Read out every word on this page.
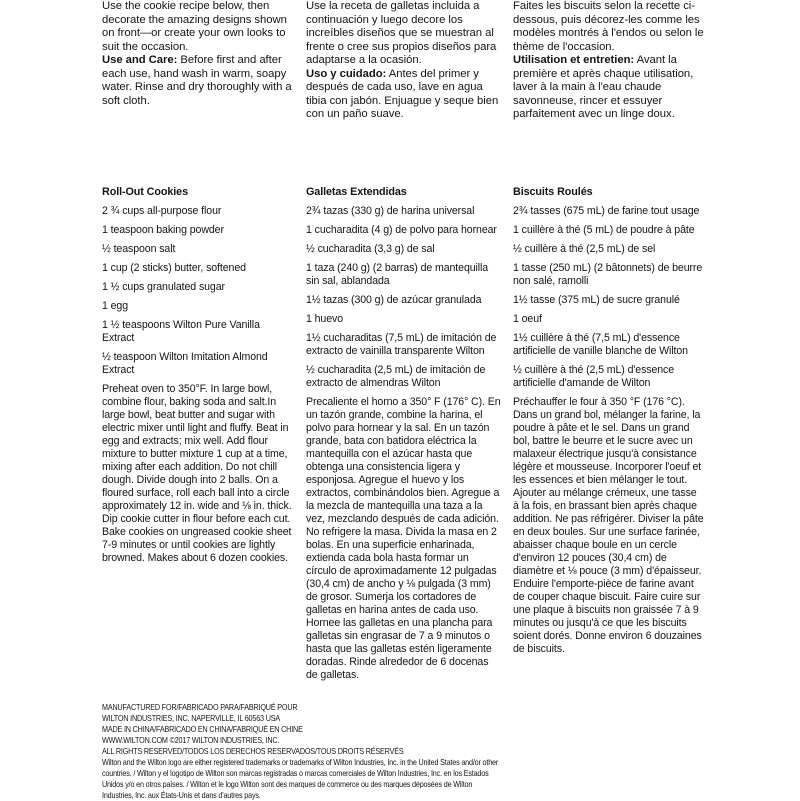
Use the cookie recipe below, then decorate the amazing designs shown on front—or create your own looks to suit the occasion.

Use and Care: Before first and after each use, hand wash in warm, soapy water. Rinse and dry thoroughly with a soft cloth.

Roll-Out Cookies

2 ¾ cups all-purpose flour

1 teaspoon baking powder

½ teaspoon salt

1 cup (2 sticks) butter, softened

1 ½ cups granulated sugar

1 egg

1 ½ teaspoons Wilton Pure Vanilla Extract

½ teaspoon Wilton Imitation Almond Extract

Preheat oven to 350°F. In large bowl, combine flour, baking soda and salt.In large bowl, beat butter and sugar with electric mixer until light and fluffy. Beat in egg and extracts; mix well. Add flour mixture to butter mixture 1 cup at a time, mixing after each addition. Do not chill dough. Divide dough into 2 balls. On a floured surface, roll each ball into a circle approximately 12 in. wide and ⅛ in. thick. Dip cookie cutter in flour before each cut. Bake cookies on ungreased cookie sheet 7-9 minutes or until cookies are lightly browned. Makes about 6 dozen cookies.

Use la receta de galletas incluida a continuación y luego decore los increíbles diseños que se muestran al frente o cree sus propios diseños para adaptarse a la ocasión.

Uso y cuidado: Antes del primer y después de cada uso, lave en agua tibia con jabón. Enjuague y seque bien con un paño suave.

Galletas Extendidas

2¾ tazas (330 g) de harina universal

1 cucharadita (4 g) de polvo para hornear

½ cucharadita (3,3 g) de sal

1 taza (240 g) (2 barras) de mantequilla sin sal, ablandada

1½ tazas (300 g) de azúcar granulada

1 huevo

1½ cucharaditas (7,5 mL) de imitación de extracto de vainilla transparente Wilton

½ cucharadita (2,5 mL) de imitación de extracto de almendras Wilton

Precaliente el horno a 350° F (176° C). En un tazón grande, combine la harina, el polvo para hornear y la sal. En un tazón grande, bata con batidora eléctrica la mantequilla con el azúcar hasta que obtenga una consistencia ligera y esponjosa. Agregue el huevo y los extractos, combinándolos bien. Agregue a la mezcla de mantequilla una taza a la vez, mezclando después de cada adición. No refrigere la masa. Divida la masa en 2 bolas. En una superficie enharinada, extienda cada bola hasta formar un círculo de aproximadamente 12 pulgadas (30,4 cm) de ancho y ⅛ pulgada (3 mm) de grosor. Sumerja los cortadores de galletas en harina antes de cada uso. Hornee las galletas en una plancha para galletas sin engrasar de 7 a 9 minutos o hasta que las galletas estén ligeramente doradas. Rinde alrededor de 6 docenas de galletas.

Faites les biscuits selon la recette ci-dessous, puis décorez-les comme les modèles montrés à l'endos ou selon le thème de l'occasion.

Utilisation et entretien: Avant la première et après chaque utilisation, laver à la main à l'eau chaude savonneuse, rincer et essuyer parfaitement avec un linge doux.

Biscuits Roulés

2¾ tasses (675 mL) de farine tout usage

1 cuillère à thé (5 mL) de poudre à pâte

½ cuillère à thé (2,5 mL) de sel

1 tasse (250 mL) (2 bâtonnets) de beurre non salé, ramolli

1½ tasse (375 mL) de sucre granulé

1 oeuf

1½ cuillère à thé (7,5 mL) d'essence artificielle de vanille blanche de Wilton

½ cuillère à thé (2,5 mL) d'essence artificielle d'amande de Wilton

Préchauffer le four à 350 °F (176 °C). Dans un grand bol, mélanger la farine, la poudre à pâte et le sel. Dans un grand bol, battre le beurre et le sucre avec un malaxeur électrique jusqu'à consistance légère et mousseuse. Incorporer l'oeuf et les essences et bien mélanger le tout. Ajouter au mélange crémeux, une tasse à la fois, en brassant bien après chaque addition. Ne pas réfrigérer. Diviser la pâte en deux boules. Sur une surface farinée, abaisser chaque boule en un cercle d'environ 12 pouces (30,4 cm) de diamètre et ⅛ pouce (3 mm) d'épaisseur. Enduire l'emporte-pièce de farine avant de couper chaque biscuit. Faire cuire sur une plaque à biscuits non graissée 7 à 9 minutes ou jusqu'à ce que les biscuits soient dorés. Donne environ 6 douzaines de biscuits.

MANUFACTURED FOR/FABRICADO PARA/FABRIQUÉ POUR
WILTON INDUSTRIES, INC. NAPERVILLE, IL 60563 USA
MADE IN CHINA/FABRICADO EN CHINA/FABRIQUÉ EN CHINE
WWW.WILTON.COM ©2017 WILTON INDUSTRIES, INC.
ALL RIGHTS RESERVED/TODOS LOS DERECHOS RESERVADOS/TOUS DROITS RÉSERVÉS
Wilton and the Wilton logo are either registered trademarks or trademarks of Wilton Industries, Inc. in the United States and/or other countries. / Wilton y el logotipo de Wilton son marcas registradas o marcas comerciales de Wilton Industries, Inc. en los Estados Unidos y/o en otros países. / Wilton et le logo Wilton sont des marques de commerce ou des marques déposées de Wilton Industries, Inc. aux États-Unis et dans d'autres pays.
